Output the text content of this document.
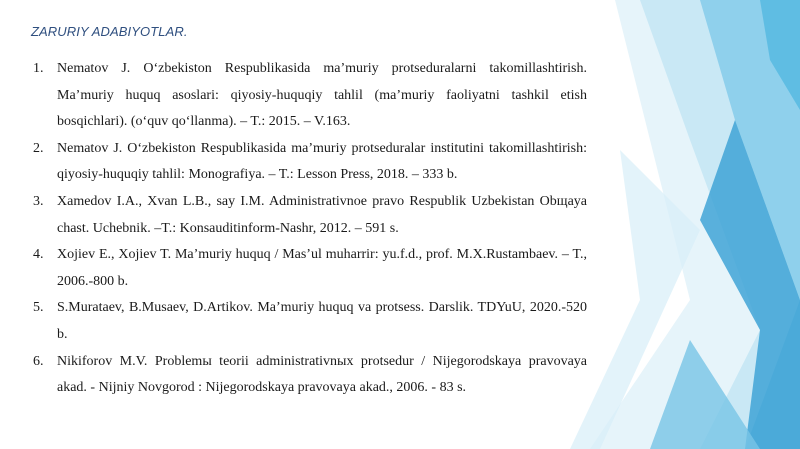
ZARURIY ADABIYOTLAR.
1. Nematov J. O‘zbekiston Respublikasida ma’muriy protseduralarni takomillashtirish. Ma’muriy huquq asoslari: qiyosiy-huquqiy tahlil (ma’muriy faoliyatni tashkil etish bosqichlari). (o‘quv qo‘llanma). – T.: 2015. – V.163.
2. Nematov J. O‘zbekiston Respublikasida ma’muriy protseduralar institutini takomillashtirish: qiyosiy-huquqiy tahlil: Monografiya. – T.: Lesson Press, 2018. – 333 b.
3. Xamedov I.A., Xvan L.B., say I.M. Administrativnoe pravo Respublik Uzbekistan Obщaya chast. Uchebnik. –T.: Konsauditinform-Nashr, 2012. – 591 s.
4. Xojiev E., Xojiev T. Ma’muriy huquq / Mas’ul muharrir: yu.f.d., prof. M.X.Rustambaev. – T., 2006.-800 b.
5. S.Murataev, B.Musaev, D.Artikov. Ma’muriy huquq va protsess. Darslik. TDYuU, 2020.-520 b.
6. Nikiforov M.V. Problemы teorii administrativnыx protsedur / Nijegorodskaya pravovaya akad. - Nijniy Novgorod : Nijegorodskaya pravovaya akad., 2006. - 83 s.
